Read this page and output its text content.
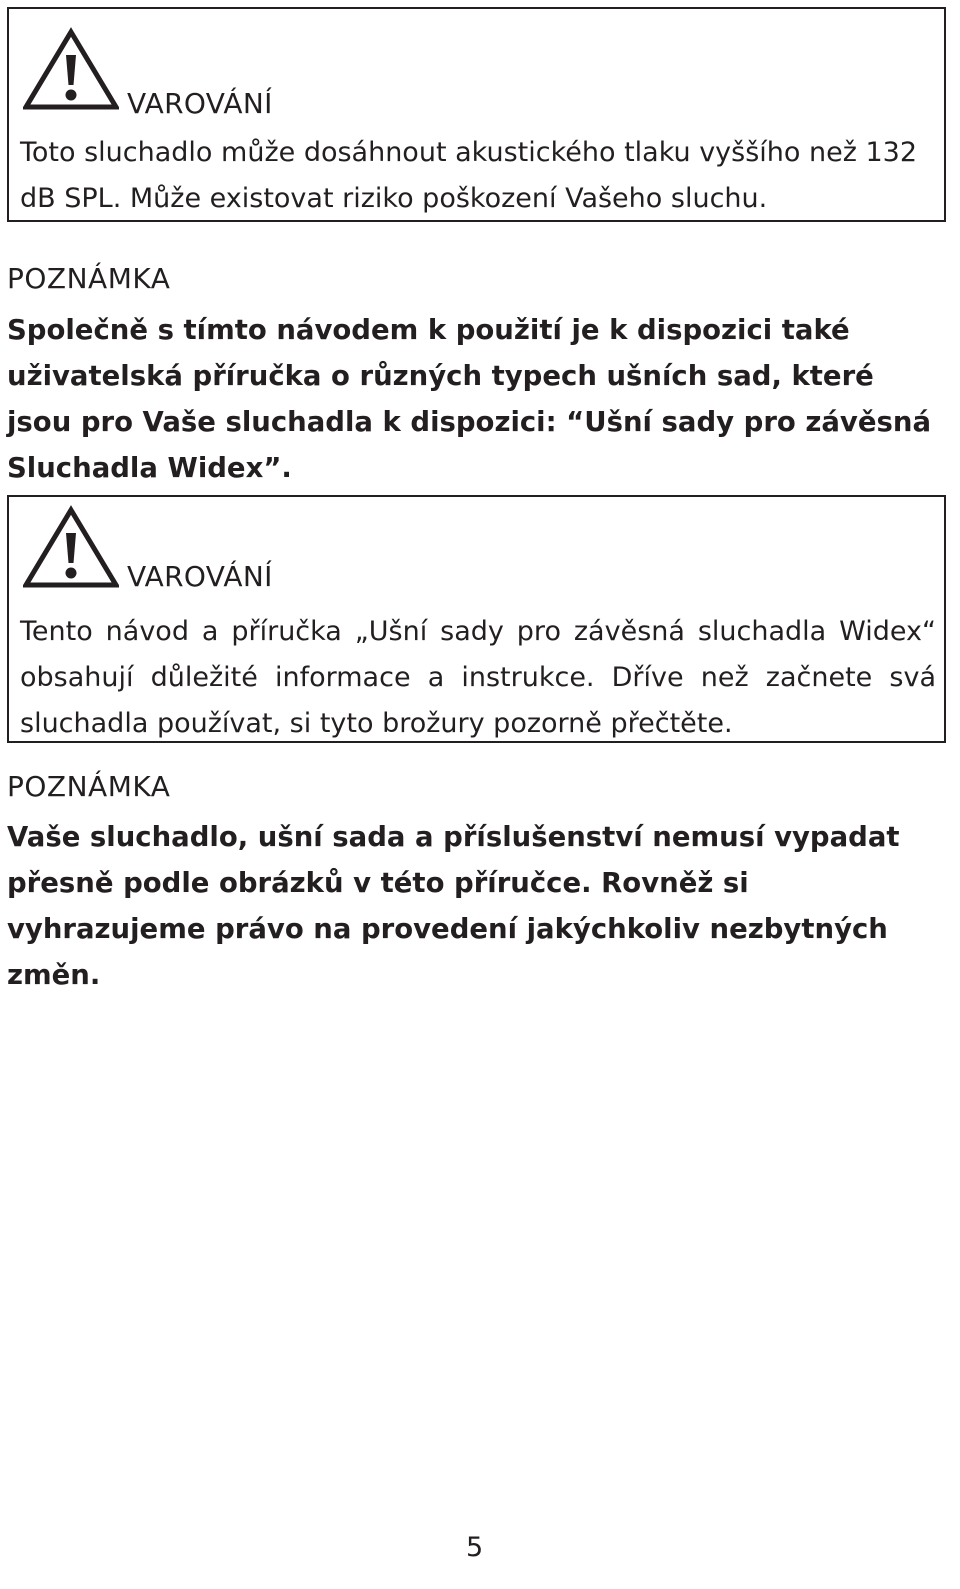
VAROVÁNÍ

Toto sluchadlo může dosáhnout akustického tlaku vyššího než 132 dB SPL. Může existovat riziko poškození Vašeho sluchu.

POZNÁMKA

Společně s tímto návodem k použití je k dispozici také uživatelská příručka o různých typech ušních sad, které jsou pro Vaše sluchadla k dispozici: “Ušní sady pro závěsná Sluchadla Widex”.

VAROVÁNÍ

Tento návod a příručka „Ušní sady pro závěsná sluchadla Widex“ obsahují důležité informace a instrukce. Dříve než začnete svá sluchadla používat, si tyto brožury pozorně přečtěte.

POZNÁMKA

Vaše sluchadlo, ušní sada a příslušenství nemusí vypadat přesně podle obrázků v této příručce. Rovněž si vyhrazujeme právo na provedení jakýchkoliv nezbytných změn.

5
